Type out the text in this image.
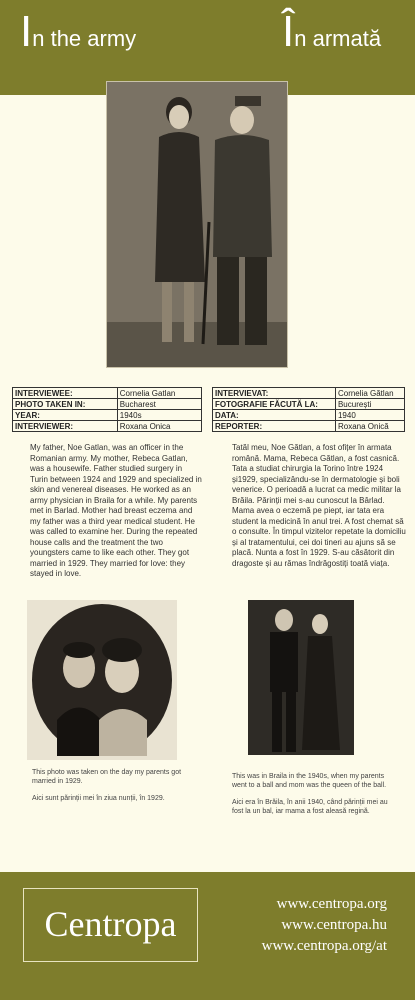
In the army	În armată
INTERVIEWEE:	Cornelia Gatlan
PHOTO TAKEN IN:	Bucharest
YEAR:	1940s
INTERVIEWER:	Roxana Onica
INTERVIEVAT:	Cornelia Gătlan
FOTOGRAFIE FĂCUTĂ LA:	București
DATA:	1940
REPORTER:	Roxana Onică
My father, Noe Gatlan, was an officer in the Romanian army. My mother, Rebeca Gatlan, was a housewife. Father studied surgery in Turin between 1924 and 1929 and specialized in skin and venereal diseases. He worked as an army physician in Braila for a while. My parents met in Barlad. Mother had breast eczema and my father was a third year medical student. He was called to examine her. During the repeated house calls and the treatment the two youngsters came to like each other. They got married in 1929. They married for love: they stayed in love.
Tatăl meu, Noe Gătlan, a fost ofițer în armata română. Mama, Rebeca Gătlan, a fost casnică. Tata a studiat chirurgia la Torino între 1924 și1929, specializându-se în dermatologie și boli venerice. O perioadă a lucrat ca medic militar la Brăila. Părinții mei s-au cunoscut la Bârlad. Mama avea o eczemă pe piept, iar tata era student la medicină în anul trei. A fost chemat să o consulte. În timpul vizitelor repetate la domiciliu și al tratamentului, cei doi tineri au ajuns să se placă. Nunta a fost în 1929. S-au căsătorit din dragoste și au rămas îndrăgostiți toată viața.
This photo was taken on the day my parents got married in 1929.
Aici sunt părinții mei în ziua nunții, în 1929.
This was in Braila in the 1940s, when my parents went to a ball and mom was the queen of the ball.
Aici era în Brăila, în anii 1940, când părinții mei au fost la un bal, iar mama a fost aleasă regină.
Centropa	www.centropa.org
www.centropa.hu
www.centropa.org/at
